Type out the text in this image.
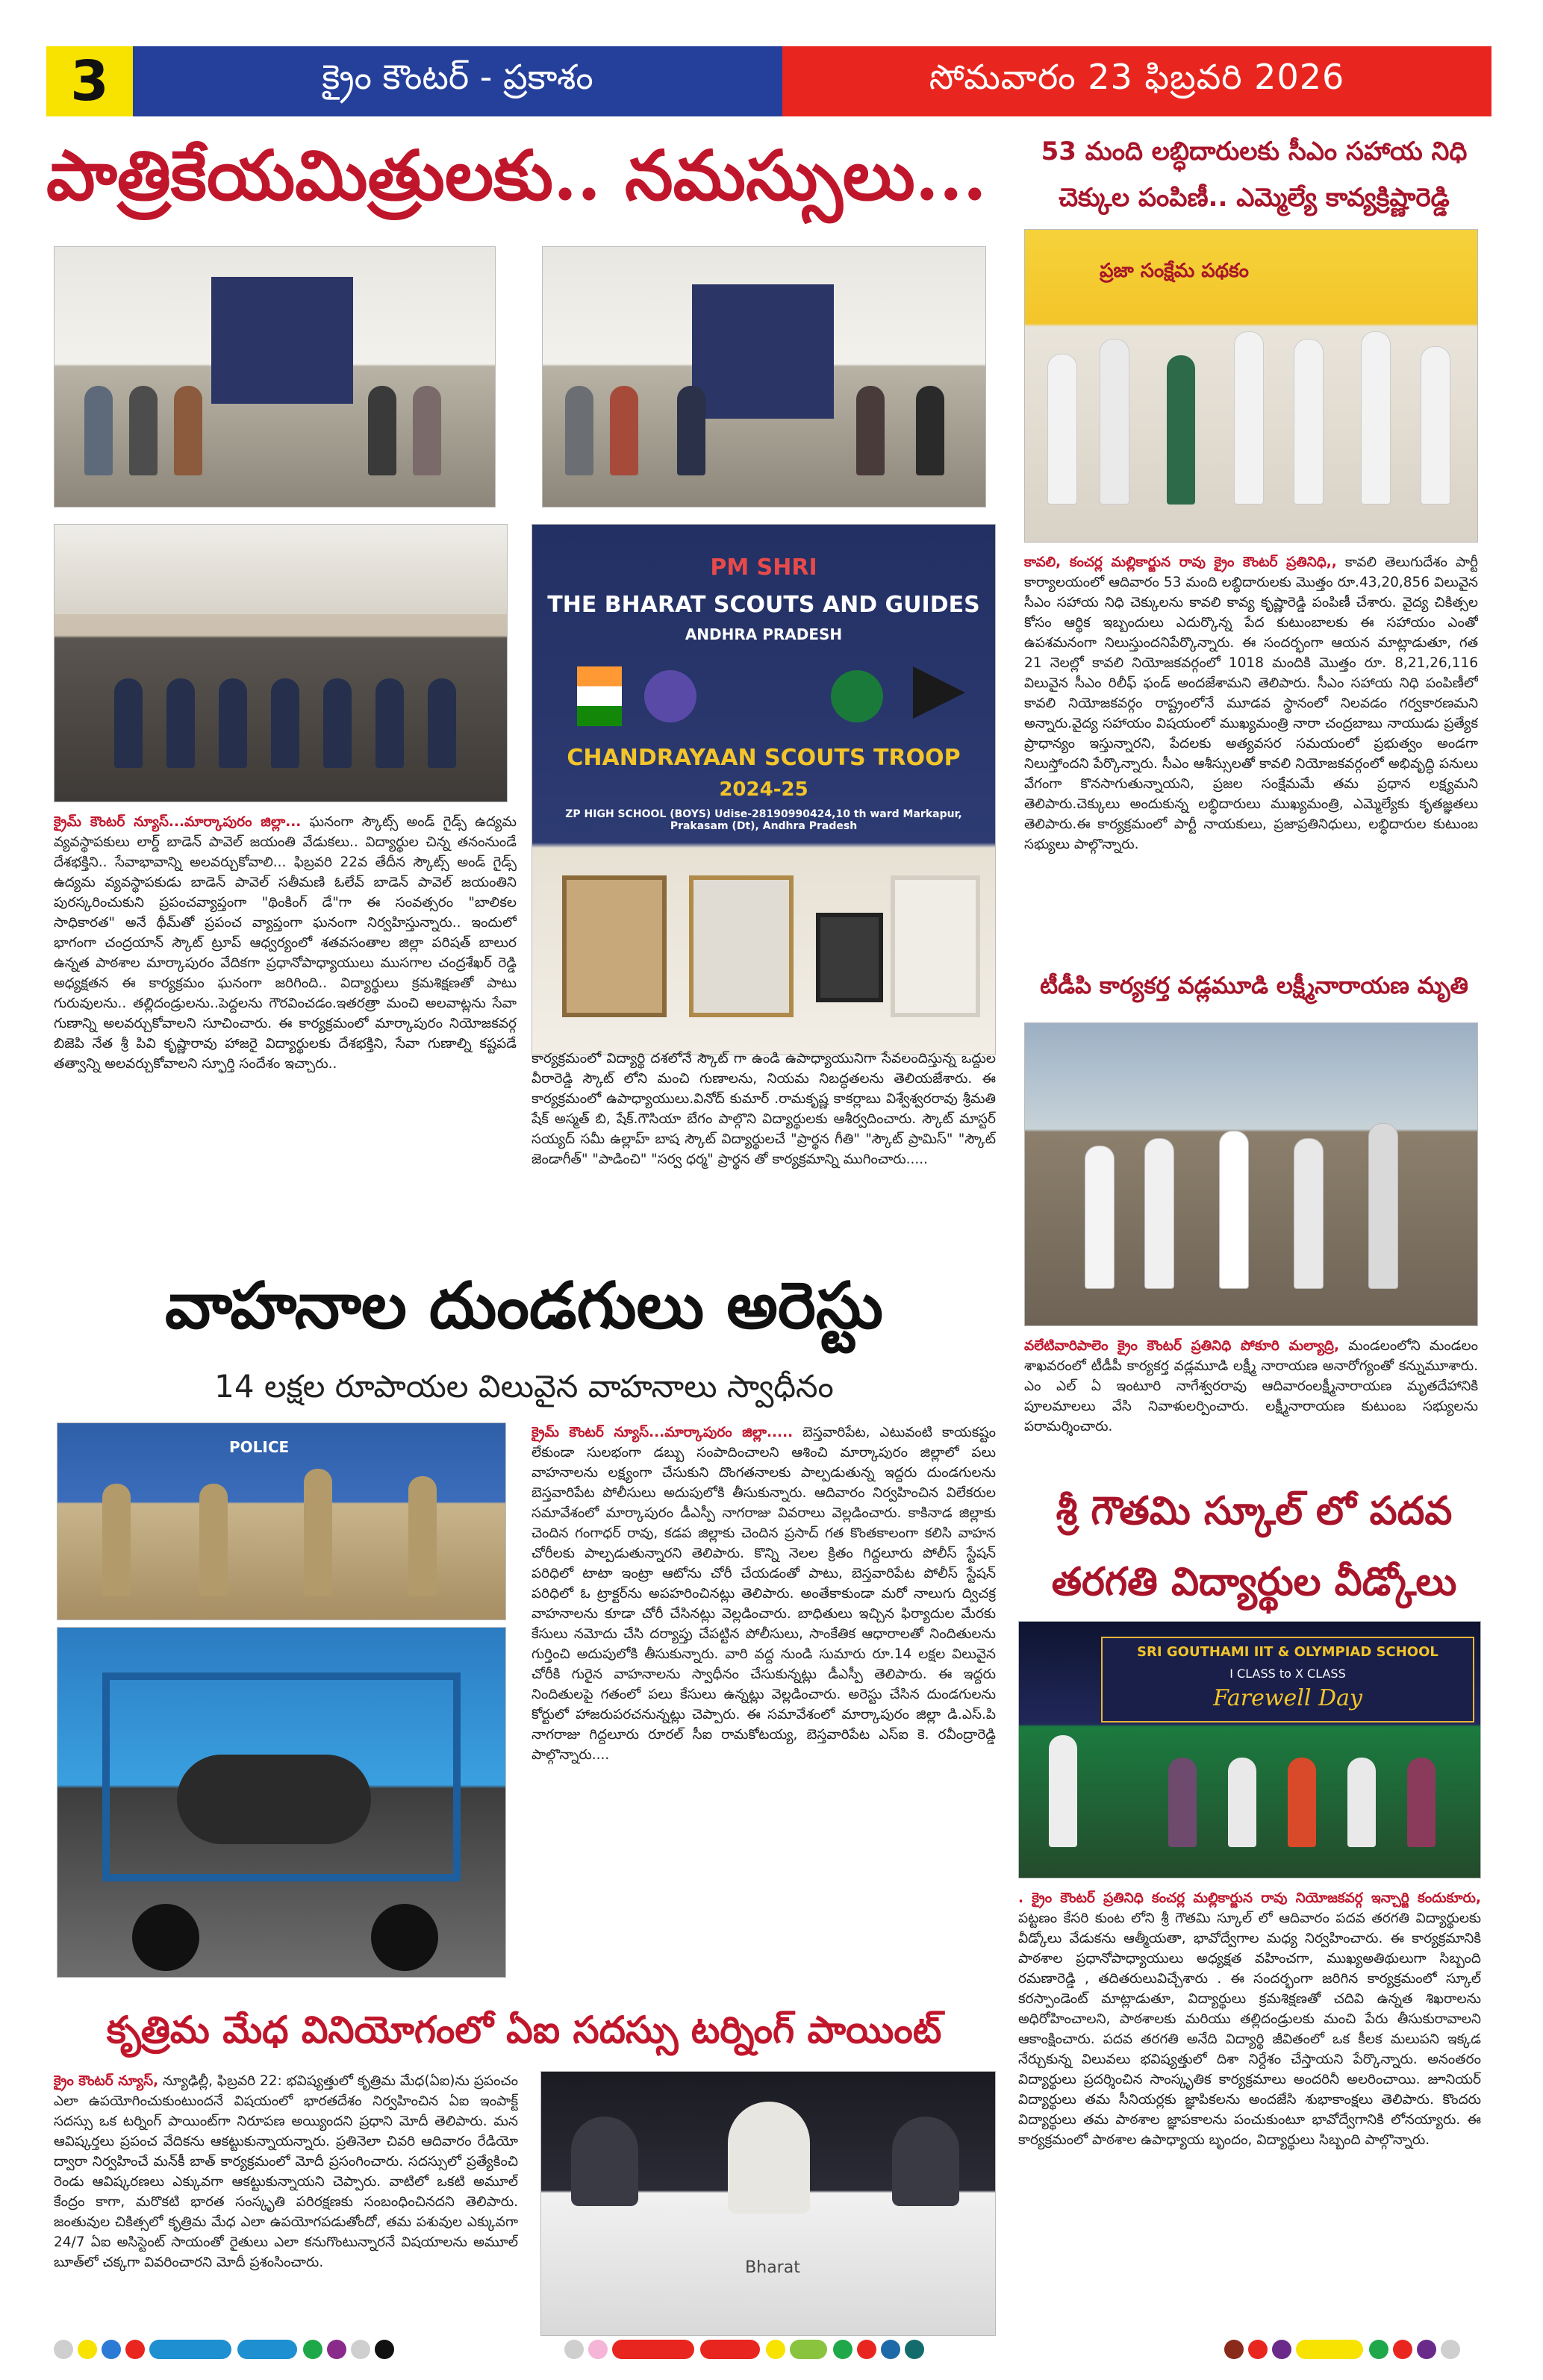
3	క్రైం కౌంటర్ - ప్రకాశం	సోమవారం 23 ఫిబ్రవరి 2026
పాత్రికేయమిత్రులకు.. నమస్సులు...
PM SHRI
THE BHARAT SCOUTS AND GUIDES
ANDHRA PRADESH
CHANDRAYAAN SCOUTS TROOP
2024-25
ZP HIGH SCHOOL (BOYS) Udise-28190990424,10 th ward Markapur, Prakasam (Dt), Andhra Pradesh
క్రైమ్ కౌంటర్ న్యూస్...మార్కాపురం జిల్లా... ఘనంగా స్కౌట్స్ అండ్ గైడ్స్ ఉద్యమ వ్యవస్థాపకులు లార్డ్ బాడెన్ పావెల్ జయంతి వేడుకలు.. విద్యార్థుల చిన్న తనంనుండే దేశభక్తిని.. సేవాభావాన్ని అలవర్చుకోవాలి... ఫిబ్రవరి 22వ తేదీన స్కౌట్స్ అండ్ గైడ్స్ ఉద్యమ వ్యవస్థాపకుడు బాడెన్ పావెల్ సతీమణి ఓలేవ్ బాడెన్ పావెల్ జయంతిని పురస్కరించుకుని ప్రపంచవ్యాప్తంగా "థింకింగ్ డే"గా ఈ సంవత్సరం "బాలికల సాధికారత" అనే థీమ్‌తో ప్రపంచ వ్యాప్తంగా ఘనంగా నిర్వహిస్తున్నారు.. ఇందులో భాగంగా చంద్రయాన్ స్కౌట్ ట్రూప్ ఆధ్వర్యంలో శతవసంతాల జిల్లా పరిషత్ బాలుర ఉన్నత పాఠశాల మార్కాపురం వేదికగా ప్రధానోపాధ్యాయులు ముసగాల చంద్రశేఖర్ రెడ్డి అధ్యక్షతన ఈ కార్యక్రమం ఘనంగా జరిగింది.. విద్యార్థులు క్రమశిక్షణతో పాటు గురువులను.. తల్లిదండ్రులను..పెద్దలను గౌరవించడం.ఇతరత్రా మంచి అలవాట్లను సేవా గుణాన్ని అలవర్చుకోవాలని సూచించారు. ఈ కార్యక్రమంలో మార్కాపురం నియోజకవర్గ బిజెపి నేత శ్రీ పివి కృష్ణారావు హాజరై విద్యార్థులకు దేశభక్తిని, సేవా గుణాల్ని కష్టపడే తత్వాన్ని అలవర్చుకోవాలని స్ఫూర్తి సందేశం ఇచ్చారు..	కార్యక్రమంలో విద్యార్థి దశలోనే స్కౌట్ గా ఉండి ఉపాధ్యాయునిగా సేవలందిస్తున్న ఒద్దుల వీరారెడ్డి స్కౌట్ లోని మంచి గుణాలను, నియమ నిబద్ధతలను తెలియజేశారు. ఈ కార్యక్రమంలో ఉపాధ్యాయులు.వినోద్ కుమార్ .రామకృష్ణ కాకర్లాబు విశ్వేశ్వరరావు శ్రీమతి షేక్ అస్మత్ బి, షేక్.గౌసియా బేగం పాల్గొని విద్యార్థులకు ఆశీర్వదించారు. స్కౌట్ మాస్టర్ సయ్యద్ సమీ ఉల్లాహ్ బాష స్కౌట్ విద్యార్థులచే "ప్రార్థన గీతి" "స్కౌట్ ప్రామిస్" "స్కౌట్ జెండాగీత్" "పాడించి" "సర్వ ధర్మ" ప్రార్థన తో కార్యక్రమాన్ని ముగించారు.....
53 మంది లబ్ధిదారులకు సీఎం సహాయ నిధి
చెక్కుల పంపిణీ.. ఎమ్మెల్యే కావ్యక్రిష్ణారెడ్డి
ప్రజా సంక్షేమ పథకం
కావలి, కంచర్ల మల్లికార్జున రావు క్రైం కౌంటర్ ప్రతినిధి,, కావలి తెలుగుదేశం పార్టీ కార్యాలయంలో ఆదివారం 53 మంది లబ్ధిదారులకు మొత్తం రూ.43,20,856 విలువైన సీఎం సహాయ నిధి చెక్కులను కావలి కావ్య కృష్ణారెడ్డి పంపిణీ చేశారు. వైద్య చికిత్సల కోసం ఆర్థిక ఇబ్బందులు ఎదుర్కొన్న పేద కుటుంబాలకు ఈ సహాయం ఎంతో ఉపశమనంగా నిలుస్తుందనిపేర్కొన్నారు. ఈ సందర్భంగా ఆయన మాట్లాడుతూ, గత 21 నెలల్లో కావలి నియోజకవర్గంలో 1018 మందికి మొత్తం రూ. 8,21,26,116 విలువైన సీఎం రిలీఫ్ ఫండ్ అందజేశామని తెలిపారు. సీఎం సహాయ నిధి పంపిణీలో కావలి నియోజకవర్గం రాష్ట్రంలోనే మూడవ స్థానంలో నిలవడం గర్వకారణమని అన్నారు.వైద్య సహాయం విషయంలో ముఖ్యమంత్రి నారా చంద్రబాబు నాయుడు ప్రత్యేక ప్రాధాన్యం ఇస్తున్నారని, పేదలకు అత్యవసర సమయంలో ప్రభుత్వం అండగా నిలుస్తోందని పేర్కొన్నారు. సీఎం ఆశీస్సులతో కావలి నియోజకవర్గంలో అభివృద్ధి పనులు వేగంగా కొనసాగుతున్నాయని, ప్రజల సంక్షేమమే తమ ప్రధాన లక్ష్యమని తెలిపారు.చెక్కులు అందుకున్న లబ్ధిదారులు ముఖ్యమంత్రి, ఎమ్మెల్యేకు కృతజ్ఞతలు తెలిపారు.ఈ కార్యక్రమంలో పార్టీ నాయకులు, ప్రజాప్రతినిధులు, లబ్ధిదారుల కుటుంబ సభ్యులు పాల్గొన్నారు.
టీడీపి కార్యకర్త వడ్లమూడి లక్ష్మీనారాయణ మృతి
వలేటివారిపాలెం క్రైం కౌంటర్ ప్రతినిధి పోకూరి మల్యాద్రి, మండలంలోని మండలం శాఖవరంలో టీడీపీ కార్యకర్త వడ్లమూడి లక్ష్మీ నారాయణ అనారోగ్యంతో కన్నుమూశారు. ఎం ఎల్ ఏ ఇంటూరి నాగేశ్వరరావు ఆదివారంలక్ష్మీనారాయణ మృతదేహానికి పూలమాలలు వేసి నివాళులర్పించారు. లక్ష్మీనారాయణ కుటుంబ సభ్యులను పరామర్శించారు.
వాహనాల దుండగులు అరెస్టు
14 లక్షల రూపాయల విలువైన వాహనాలు స్వాధీనం
POLICE
క్రైమ్ కౌంటర్ న్యూస్...మార్కాపురం జిల్లా..... బెస్తవారిపేట, ఎటువంటి కాయకష్టం లేకుండా సులభంగా డబ్బు సంపాదించాలని ఆశించి మార్కాపురం జిల్లాలో పలు వాహనాలను లక్ష్యంగా చేసుకుని దొంగతనాలకు పాల్పడుతున్న ఇద్దరు దుండగులను బెస్తవారిపేట పోలీసులు అదుపులోకి తీసుకున్నారు. ఆదివారం నిర్వహించిన విలేకరుల సమావేశంలో మార్కాపురం డీఎస్పీ నాగరాజు వివరాలు వెల్లడించారు. కాకినాడ జిల్లాకు చెందిన గంగాధర్ రావు, కడప జిల్లాకు చెందిన ప్రసాద్ గత కొంతకాలంగా కలిసి వాహన చోరీలకు పాల్పడుతున్నారని తెలిపారు. కొన్ని నెలల క్రితం గిద్దలూరు పోలీస్ స్టేషన్ పరిధిలో టాటా ఇంట్రా ఆటోను చోరీ చేయడంతో పాటు, బెస్తవారిపేట పోలీస్ స్టేషన్ పరిధిలో ఓ ట్రాక్టర్‌ను అపహరించినట్లు తెలిపారు. అంతేకాకుండా మరో నాలుగు ద్విచక్ర వాహనాలను కూడా చోరీ చేసినట్లు వెల్లడించారు. బాధితులు ఇచ్చిన ఫిర్యాదుల మేరకు కేసులు నమోదు చేసి దర్యాప్తు చేపట్టిన పోలీసులు, సాంకేతిక ఆధారాలతో నిందితులను గుర్తించి అదుపులోకి తీసుకున్నారు. వారి వద్ద నుండి సుమారు రూ.14 లక్షల విలువైన చోరీకి గురైన వాహనాలను స్వాధీనం చేసుకున్నట్లు డీఎస్పీ తెలిపారు. ఈ ఇద్దరు నిందితులపై గతంలో పలు కేసులు ఉన్నట్లు వెల్లడించారు. అరెస్టు చేసిన దుండగులను కోర్టులో హాజరుపరచనున్నట్లు చెప్పారు. ఈ సమావేశంలో మార్కాపురం జిల్లా డి.ఎస్.పి నాగరాజు గిద్దలూరు రూరల్ సీఐ రామకోటయ్య, బెస్తవారిపేట ఎస్ఐ కె. రవీంద్రారెడ్డి పాల్గొన్నారు....
శ్రీ గౌతమి స్కూల్ లో పదవ
తరగతి విద్యార్థుల వీడ్కోలు
SRI GOUTHAMI IIT & OLYMPIAD SCHOOL
I CLASS to X CLASS
Farewell Day
. క్రైం కౌంటర్ ప్రతినిధి కంచర్ల మల్లికార్జున రావు నియోజకవర్గ ఇన్చార్జి కందుకూరు, పట్టణం కేసరి కుంట లోని శ్రీ గౌతమి స్కూల్ లో ఆదివారం పదవ తరగతి విద్యార్థులకు వీడ్కోలు వేడుకను ఆత్మీయతా, భావోద్వేగాల మధ్య నిర్వహించారు. ఈ కార్యక్రమానికి పాఠశాల ప్రధానోపాధ్యాయులు అధ్యక్షత వహించగా, ముఖ్యఅతిథులుగా సిబ్బంది రమణారెడ్డి , తదితరులువిచ్చేశారు . ఈ సందర్భంగా జరిగిన కార్యక్రమంలో స్కూల్ కరస్పాండెంట్ మాట్లాడుతూ, విద్యార్థులు క్రమశిక్షణతో చదివి ఉన్నత శిఖరాలను అధిరోహించాలని, పాఠశాలకు మరియు తల్లిదండ్రులకు మంచి పేరు తీసుకురావాలని ఆకాంక్షించారు. పదవ తరగతి అనేది విద్యార్థి జీవితంలో ఒక కీలక మలుపని ఇక్కడ నేర్చుకున్న విలువలు భవిష్యత్తులో దిశా నిర్దేశం చేస్తాయని పేర్కొన్నారు. అనంతరం విద్యార్థులు ప్రదర్శించిన సాంస్కృతిక కార్యక్రమాలు అందరినీ అలరించాయి. జూనియర్ విద్యార్థులు తమ సీనియర్లకు జ్ఞాపికలను అందజేసి శుభాకాంక్షలు తెలిపారు. కొందరు విద్యార్థులు తమ పాఠశాల జ్ఞాపకాలను పంచుకుంటూ భావోద్వేగానికి లోనయ్యారు. ఈ కార్యక్రమంలో పాఠశాల ఉపాధ్యాయ బృందం, విద్యార్థులు సిబ్బంది పాల్గొన్నారు.
కృత్రిమ మేధ వినియోగంలో ఏఐ సదస్సు టర్నింగ్ పాయింట్
క్రైం కౌంటర్ న్యూస్, న్యూఢిల్లీ, ఫిబ్రవరి 22: భవిష్యత్తులో కృత్రిమ మేధ(ఏఐ)ను ప్రపంచం ఎలా ఉపయోగించుకుంటుందనే విషయంలో భారతదేశం నిర్వహించిన ఏఐ ఇంపాక్ట్ సదస్సు ఒక టర్నింగ్ పాయింట్‌గా నిరూపణ అయ్యిందని ప్రధాని మోదీ తెలిపారు. మన ఆవిష్కర్తలు ప్రపంచ వేదికను ఆకట్టుకున్నాయన్నారు. ప్రతినెలా చివరి ఆదివారం రేడియో ద్వారా నిర్వహించే మన్‌కీ బాత్ కార్యక్రమంలో మోదీ ప్రసంగించారు. సదస్సులో ప్రత్యేకించి రెండు ఆవిష్కరణలు ఎక్కువగా ఆకట్టుకున్నాయని చెప్పారు. వాటిలో ఒకటి అమూల్ కేంద్రం కాగా, మరొకటి భారత సంస్కృతి పరిరక్షణకు సంబంధించినదని తెలిపారు. జంతువుల చికిత్సలో కృత్రిమ మేధ ఎలా ఉపయోగపడుతోందో, తమ పశువుల ఎక్కువగా 24/7 ఏఐ అసిస్టెంట్ సాయంతో రైతులు ఎలా కనుగొంటున్నారనే విషయాలను అమూల్ బూత్‌లో చక్కగా వివరించారని మోదీ ప్రశంసించారు.	Bharat
